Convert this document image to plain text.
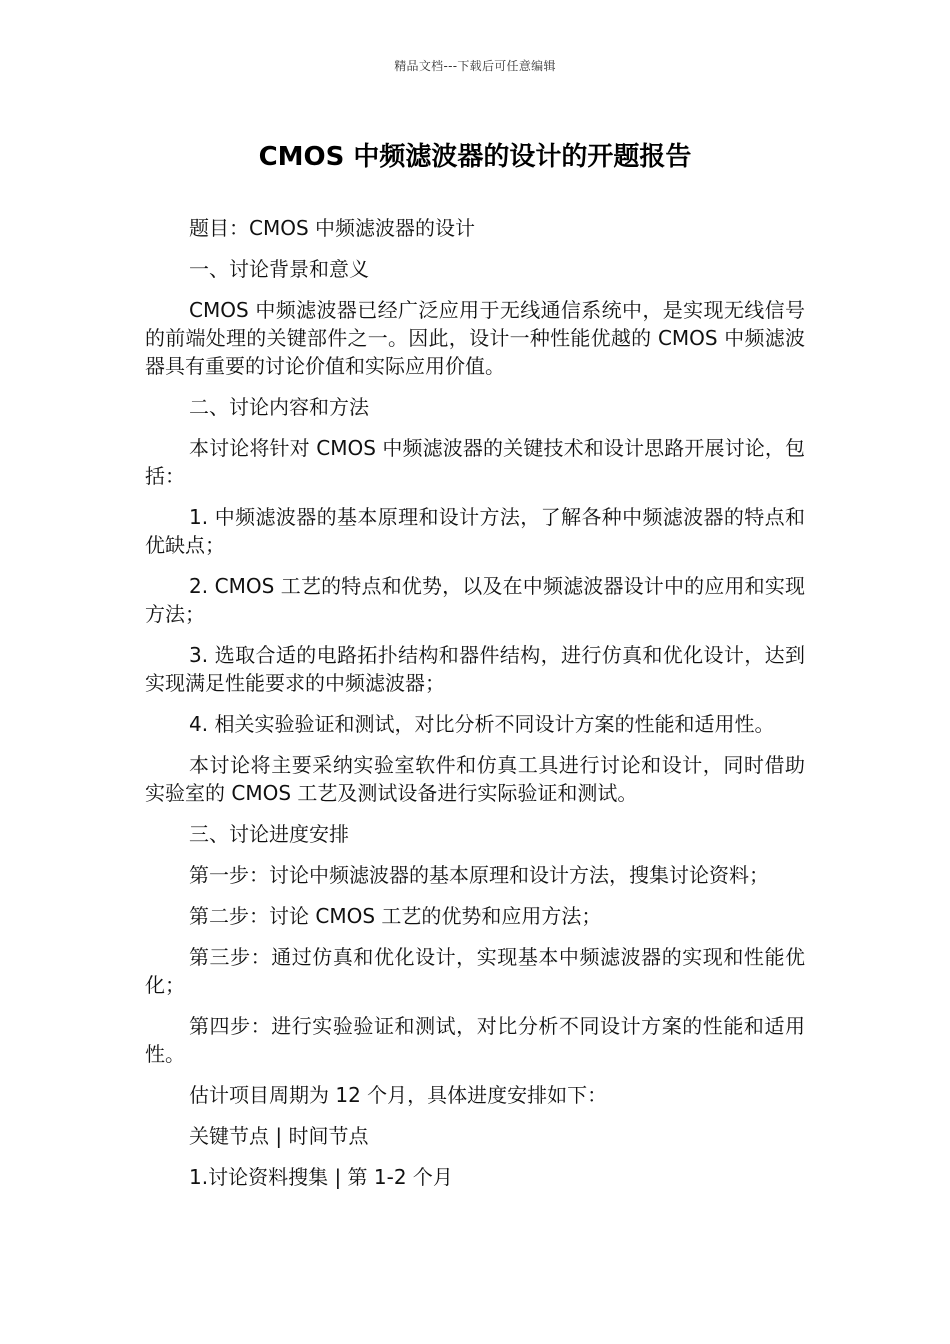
精品文档---下载后可任意编辑
CMOS 中频滤波器的设计的开题报告

题目：CMOS 中频滤波器的设计

一、讨论背景和意义

CMOS 中频滤波器已经广泛应用于无线通信系统中，是实现无线信号的前端处理的关键部件之一。因此，设计一种性能优越的 CMOS 中频滤波器具有重要的讨论价值和实际应用价值。

二、讨论内容和方法

本讨论将针对 CMOS 中频滤波器的关键技术和设计思路开展讨论，包括：

1. 中频滤波器的基本原理和设计方法，了解各种中频滤波器的特点和优缺点；

2. CMOS 工艺的特点和优势，以及在中频滤波器设计中的应用和实现方法；

3. 选取合适的电路拓扑结构和器件结构，进行仿真和优化设计，达到实现满足性能要求的中频滤波器；

4. 相关实验验证和测试，对比分析不同设计方案的性能和适用性。

本讨论将主要采纳实验室软件和仿真工具进行讨论和设计，同时借助实验室的 CMOS 工艺及测试设备进行实际验证和测试。

三、讨论进度安排

第一步：讨论中频滤波器的基本原理和设计方法，搜集讨论资料；

第二步：讨论 CMOS 工艺的优势和应用方法；

第三步：通过仿真和优化设计，实现基本中频滤波器的实现和性能优化；

第四步：进行实验验证和测试，对比分析不同设计方案的性能和适用性。

估计项目周期为 12 个月，具体进度安排如下：

关键节点 | 时间节点

1.讨论资料搜集 | 第 1-2 个月
